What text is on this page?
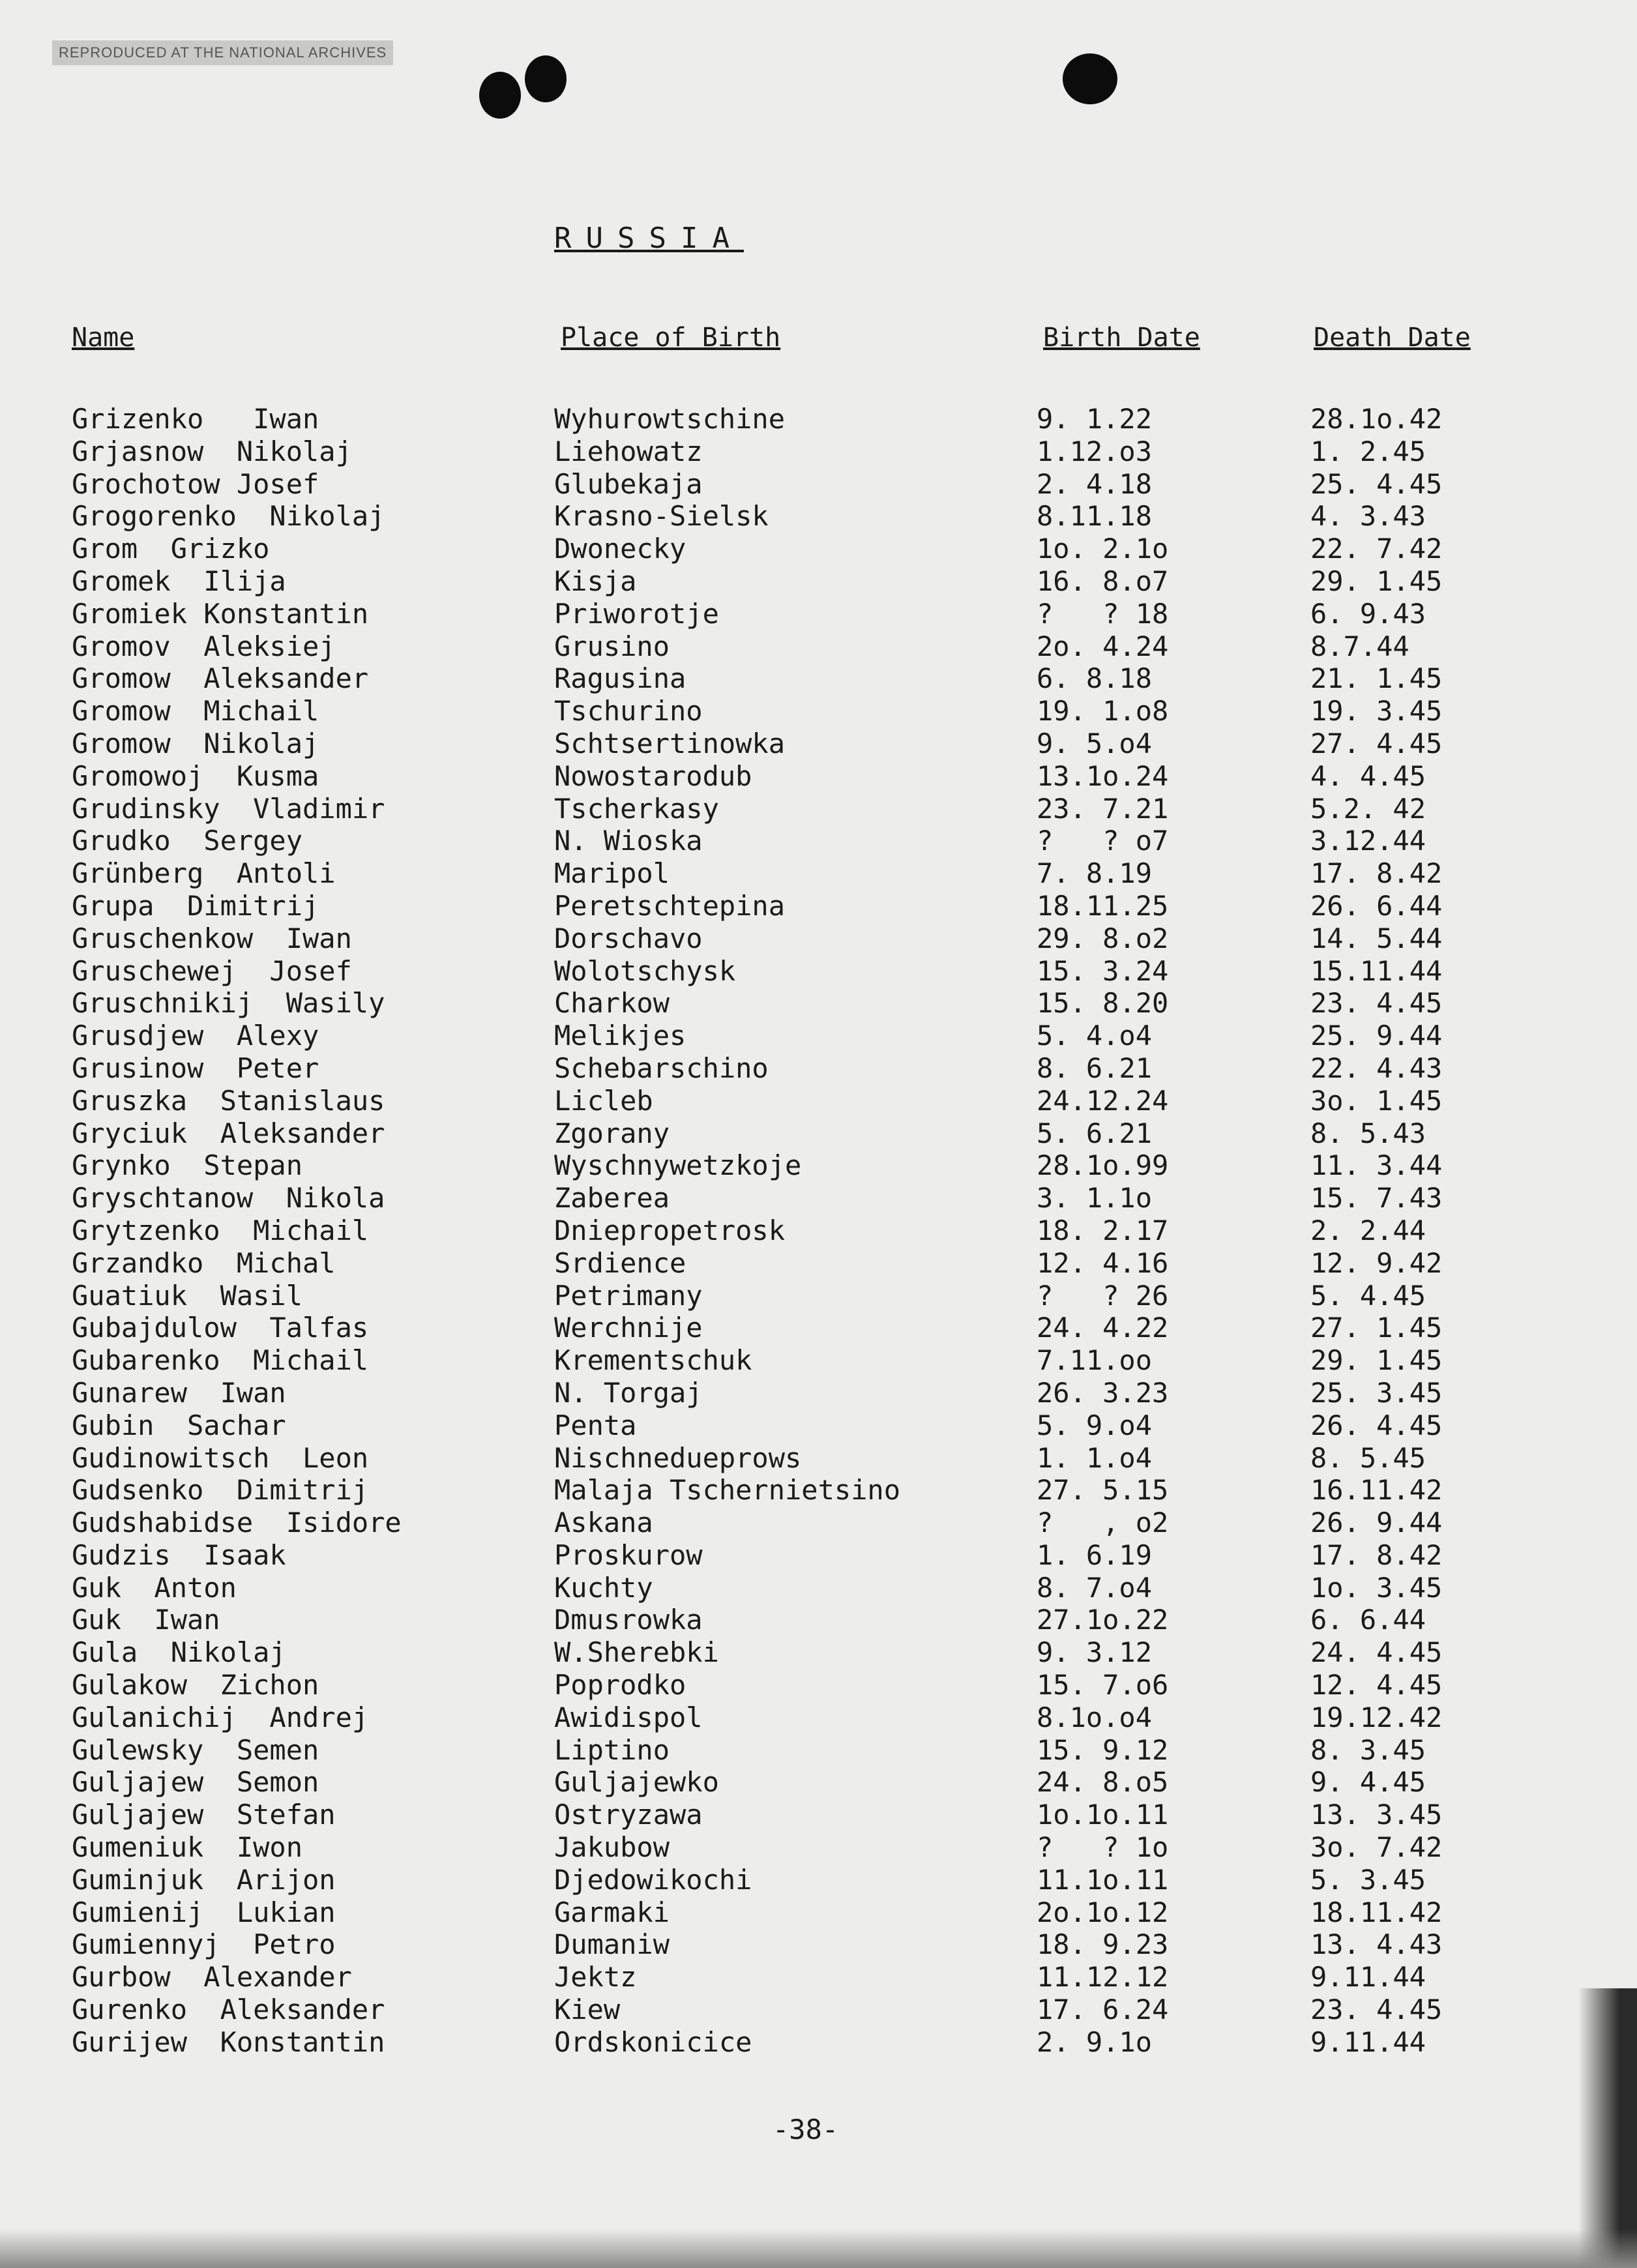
REPRODUCED AT THE NATIONAL ARCHIVES
RUSSIA
Name	Place of Birth	Birth Date	Death Date
Grizenko   Iwan	Wyhurowtschine	9. 1.22	28.1o.42
Grjasnow  Nikolaj	Liehowatz	1.12.o3	1. 2.45
Grochotow Josef	Glubekaja	2. 4.18	25. 4.45
Grogorenko  Nikolaj	Krasno-Sielsk	8.11.18	4. 3.43
Grom  Grizko	Dwonecky	1o. 2.1o	22. 7.42
Gromek  Ilija	Kisja	16. 8.o7	29. 1.45
Gromiek Konstantin	Priworotje	?   ? 18	6. 9.43
Gromov  Aleksiej	Grusino	2o. 4.24	8.7.44
Gromow  Aleksander	Ragusina	6. 8.18	21. 1.45
Gromow  Michail	Tschurino	19. 1.o8	19. 3.45
Gromow  Nikolaj	Schtsertinowka	9. 5.o4	27. 4.45
Gromowoj  Kusma	Nowostarodub	13.1o.24	4. 4.45
Grudinsky  Vladimir	Tscherkasy	23. 7.21	5.2. 42
Grudko  Sergey	N. Wioska	?   ? o7	3.12.44
Grünberg  Antoli	Maripol	7. 8.19	17. 8.42
Grupa  Dimitrij	Peretschtepina	18.11.25	26. 6.44
Gruschenkow  Iwan	Dorschavo	29. 8.o2	14. 5.44
Gruschewej  Josef	Wolotschysk	15. 3.24	15.11.44
Gruschnikij  Wasily	Charkow	15. 8.20	23. 4.45
Grusdjew  Alexy	Melikjes	5. 4.o4	25. 9.44
Grusinow  Peter	Schebarschino	8. 6.21	22. 4.43
Gruszka  Stanislaus	Licleb	24.12.24	3o. 1.45
Gryciuk  Aleksander	Zgorany	5. 6.21	8. 5.43
Grynko  Stepan	Wyschnywetzkoje	28.1o.99	11. 3.44
Gryschtanow  Nikola	Zaberea	3. 1.1o	15. 7.43
Grytzenko  Michail	Dniepropetrosk	18. 2.17	2. 2.44
Grzandko  Michal	Srdience	12. 4.16	12. 9.42
Guatiuk  Wasil	Petrimany	?   ? 26	5. 4.45
Gubajdulow  Talfas	Werchnije	24. 4.22	27. 1.45
Gubarenko  Michail	Krementschuk	7.11.oo	29. 1.45
Gunarew  Iwan	N. Torgaj	26. 3.23	25. 3.45
Gubin  Sachar	Penta	5. 9.o4	26. 4.45
Gudinowitsch  Leon	Nischnedueprows	1. 1.o4	8. 5.45
Gudsenko  Dimitrij	Malaja Tschernietsino	27. 5.15	16.11.42
Gudshabidse  Isidore	Askana	?   , o2	26. 9.44
Gudzis  Isaak	Proskurow	1. 6.19	17. 8.42
Guk  Anton	Kuchty	8. 7.o4	1o. 3.45
Guk  Iwan	Dmusrowka	27.1o.22	6. 6.44
Gula  Nikolaj	W.Sherebki	9. 3.12	24. 4.45
Gulakow  Zichon	Poprodko	15. 7.o6	12. 4.45
Gulanichij  Andrej	Awidispol	8.1o.o4	19.12.42
Gulewsky  Semen	Liptino	15. 9.12	8. 3.45
Guljajew  Semon	Guljajewko	24. 8.o5	9. 4.45
Guljajew  Stefan	Ostryzawa	1o.1o.11	13. 3.45
Gumeniuk  Iwon	Jakubow	?   ? 1o	3o. 7.42
Guminjuk  Arijon	Djedowikochi	11.1o.11	5. 3.45
Gumienij  Lukian	Garmaki	2o.1o.12	18.11.42
Gumiennyj  Petro	Dumaniw	18. 9.23	13. 4.43
Gurbow  Alexander	Jektz	11.12.12	9.11.44
Gurenko  Aleksander	Kiew	17. 6.24	23. 4.45
Gurijew  Konstantin	Ordskonicice	2. 9.1o	9.11.44
-38-
